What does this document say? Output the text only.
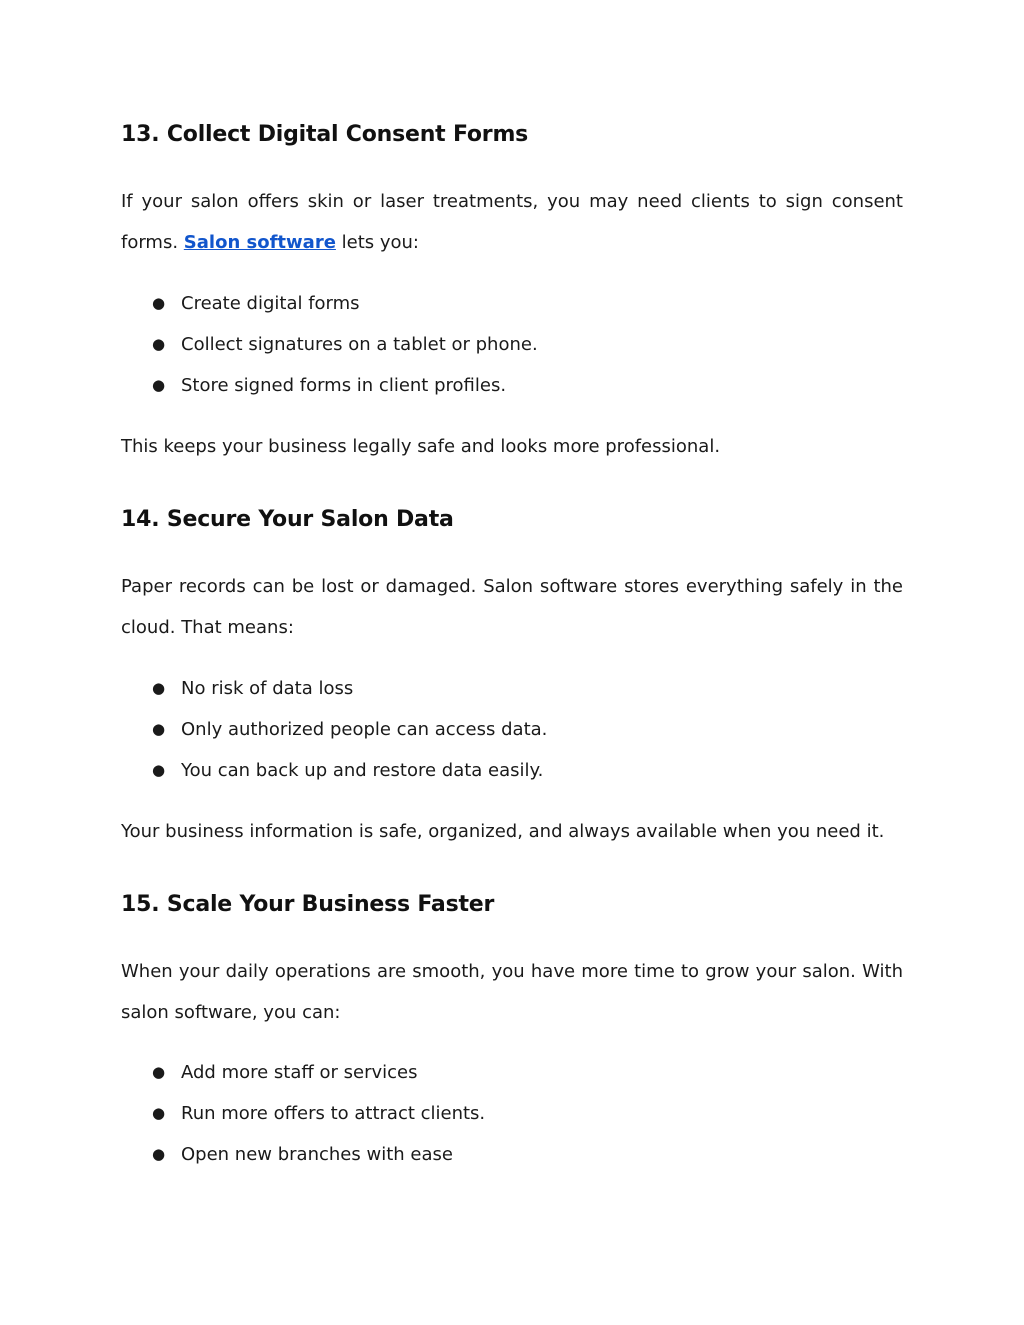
13. Collect Digital Consent Forms

If your salon offers skin or laser treatments, you may need clients to sign consent forms. Salon software lets you:

● Create digital forms
● Collect signatures on a tablet or phone.
● Store signed forms in client profiles.

This keeps your business legally safe and looks more professional.

14. Secure Your Salon Data

Paper records can be lost or damaged. Salon software stores everything safely in the cloud. That means:

● No risk of data loss
● Only authorized people can access data.
● You can back up and restore data easily.

Your business information is safe, organized, and always available when you need it.

15. Scale Your Business Faster

When your daily operations are smooth, you have more time to grow your salon. With salon software, you can:

● Add more staff or services
● Run more offers to attract clients.
● Open new branches with ease
